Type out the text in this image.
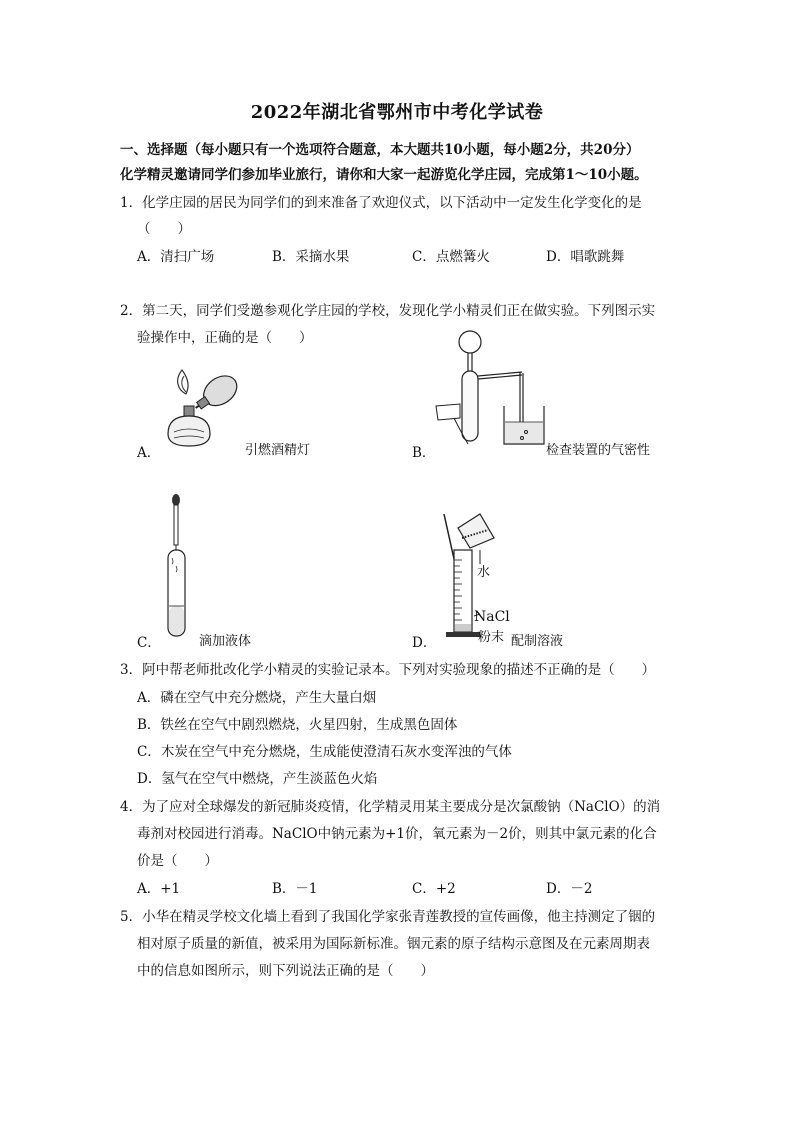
2022年湖北省鄂州市中考化学试卷
一、选择题（每小题只有一个选项符合题意，本大题共10小题，每小题2分，共20分）
化学精灵邀请同学们参加毕业旅行，请你和大家一起游览化学庄园，完成第1～10小题。
1．化学庄园的居民为同学们的到来准备了欢迎仪式，以下活动中一定发生化学变化的是
（　　）
A．清扫广场	B．采摘水果	C．点燃篝火	D．唱歌跳舞
2．第二天，同学们受邀参观化学庄园的学校，发现化学小精灵们正在做实验。下列图示实
验操作中，正确的是（　　）
A．	引燃酒精灯	B．	检查装置的气密性
C．	滴加液体
水
NaCl
粉末
D．	配制溶液
3．阿中帮老师批改化学小精灵的实验记录本。下列对实验现象的描述不正确的是（　　）
A．磷在空气中充分燃烧，产生大量白烟
B．铁丝在空气中剧烈燃烧，火星四射，生成黑色固体
C．木炭在空气中充分燃烧，生成能使澄清石灰水变浑浊的气体
D．氢气在空气中燃烧，产生淡蓝色火焰
4．为了应对全球爆发的新冠肺炎疫情，化学精灵用某主要成分是次氯酸钠（NaClO）的消
毒剂对校园进行消毒。NaClO中钠元素为+1价，氧元素为－2价，则其中氯元素的化合
价是（　　）
A．+1	B．－1	C．+2	D．－2
5．小华在精灵学校文化墙上看到了我国化学家张青莲教授的宣传画像，他主持测定了铟的
相对原子质量的新值，被采用为国际新标准。铟元素的原子结构示意图及在元素周期表
中的信息如图所示，则下列说法正确的是（　　）
